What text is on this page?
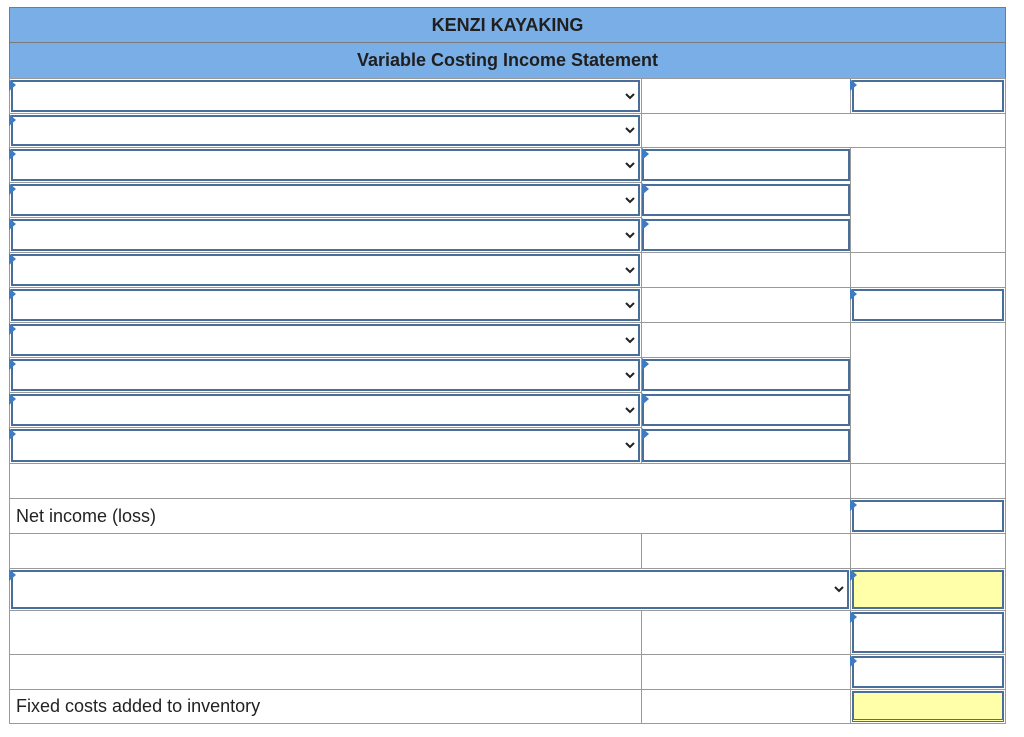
KENZI KAYAKING
Variable Costing Income Statement
Net income (loss)
Fixed costs added to inventory
